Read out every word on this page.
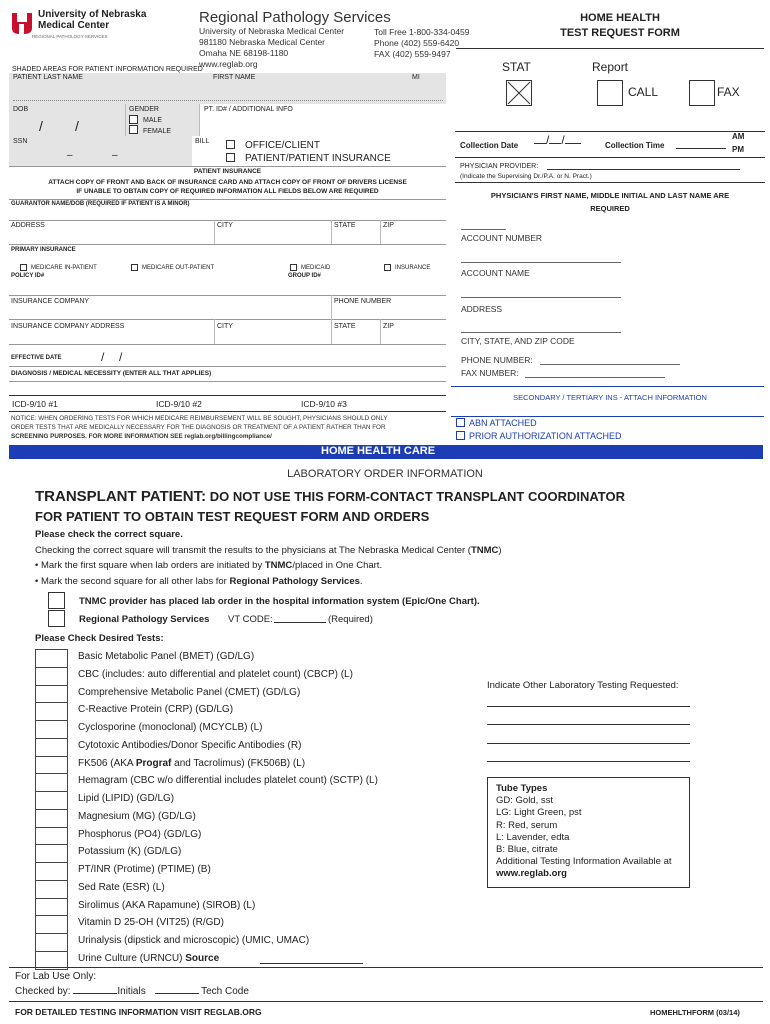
University of Nebraska
Medical Center
REGIONAL PATHOLOGY SERVICES
Regional Pathology Services
University of Nebraska Medical Center
981180 Nebraska Medical Center
Omaha NE 68198-1180
www.reglab.org
Toll Free 1-800-334-0459
Phone (402) 559-6420
FAX (402) 559-9497
HOME HEALTH
TEST REQUEST FORM
STAT	Report
CALL	FAX
SHADED AREAS FOR PATIENT INFORMATION REQUIRED
PATIENT LAST NAME	FIRST NAME	MI
DOB
/ /
GENDER
MALE
FEMALE
PT. ID# / ADDITIONAL INFO
SSN
–	–
BILL	OFFICE/CLIENT
PATIENT/PATIENT INSURANCE
PATIENT INSURANCE
ATTACH COPY OF FRONT AND BACK OF INSURANCE CARD AND ATTACH COPY OF FRONT OF DRIVERS LICENSE
IF UNABLE TO OBTAIN COPY OF REQUIRED INFORMATION ALL FIELDS BELOW ARE REQUIRED
GUARANTOR NAME/DOB (REQUIRED IF PATIENT IS A MINOR)
ADDRESS	CITY	STATE	ZIP
PRIMARY INSURANCE
MEDICARE IN-PATIENT	MEDICARE OUT-PATIENT	MEDICAID	INSURANCE
POLICY ID#	GROUP ID#
INSURANCE COMPANY	PHONE NUMBER
INSURANCE COMPANY ADDRESS	CITY	STATE	ZIP
EFFECTIVE DATE	/ /
DIAGNOSIS / MEDICAL NECESSITY (ENTER ALL THAT APPLIES)
ICD-9/10 #1	ICD-9/10 #2	ICD-9/10 #3
NOTICE: WHEN ORDERING TESTS FOR WHICH MEDICARE REIMBURSEMENT WILL BE SOUGHT, PHYSICIANS SHOULD ONLY
ORDER TESTS THAT ARE MEDICALLY NECESSARY FOR THE DIAGNOSIS OR TREATMENT OF A PATIENT RATHER THAN FOR
SCREENING PURPOSES. FOR MORE INFORMATION SEE reglab.org/billingcompliance/
Collection Date	/ /	Collection Time
AM
PM
PHYSICIAN PROVIDER:
(Indicate the Supervising Dr./P.A. or N. Pract.)
PHYSICIAN'S FIRST NAME, MIDDLE INITIAL AND LAST NAME ARE
REQUIRED
ACCOUNT NUMBER
ACCOUNT NAME
ADDRESS
CITY, STATE, AND ZIP CODE
PHONE NUMBER:
FAX NUMBER:
SECONDARY / TERTIARY INS - ATTACH INFORMATION
ABN ATTACHED
PRIOR AUTHORIZATION ATTACHED
HOME HEALTH CARE
LABORATORY ORDER INFORMATION
TRANSPLANT PATIENT: DO NOT USE THIS FORM-CONTACT TRANSPLANT COORDINATOR
FOR PATIENT TO OBTAIN TEST REQUEST FORM AND ORDERS
Please check the correct square.
Checking the correct square will transmit the results to the physicians at The Nebraska Medical Center (TNMC)
• Mark the first square when lab orders are initiated by TNMC/placed in One Chart.
• Mark the second square for all other labs for Regional Pathology Services.
TNMC provider has placed lab order in the hospital information system (Epic/One Chart).
Regional Pathology Services VT CODE:	(Required)
Please Check Desired Tests:
Basic Metabolic Panel (BMET) (GD/LG)
CBC (includes: auto differential and platelet count) (CBCP) (L)
Comprehensive Metabolic Panel (CMET) (GD/LG)
C-Reactive Protein (CRP) (GD/LG)
Cyclosporine (monoclonal) (MCYCLB) (L)
Cytotoxic Antibodies/Donor Specific Antibodies (R)
FK506 (AKA Prograf and Tacrolimus) (FK506B) (L)
Hemagram (CBC w/o differential includes platelet count) (SCTP) (L)
Lipid (LIPID) (GD/LG)
Magnesium (MG) (GD/LG)
Phosphorus (PO4) (GD/LG)
Potassium (K) (GD/LG)
PT/INR (Protime) (PTIME) (B)
Sed Rate (ESR) (L)
Sirolimus (AKA Rapamune) (SIROB) (L)
Vitamin D 25-OH (VIT25) (R/GD)
Urinalysis (dipstick and microscopic) (UMIC, UMAC)
Urine Culture (URNCU) Source
Indicate Other Laboratory Testing Requested:
Tube Types
GD: Gold, sst
LG: Light Green, pst
R: Red, serum
L: Lavender, edta
B: Blue, citrate
Additional Testing Information Available at
www.reglab.org
For Lab Use Only:
Checked by:	Initials	Tech Code
FOR DETAILED TESTING INFORMATION VISIT REGLAB.ORG	HOMEHLTHFORM (03/14)
